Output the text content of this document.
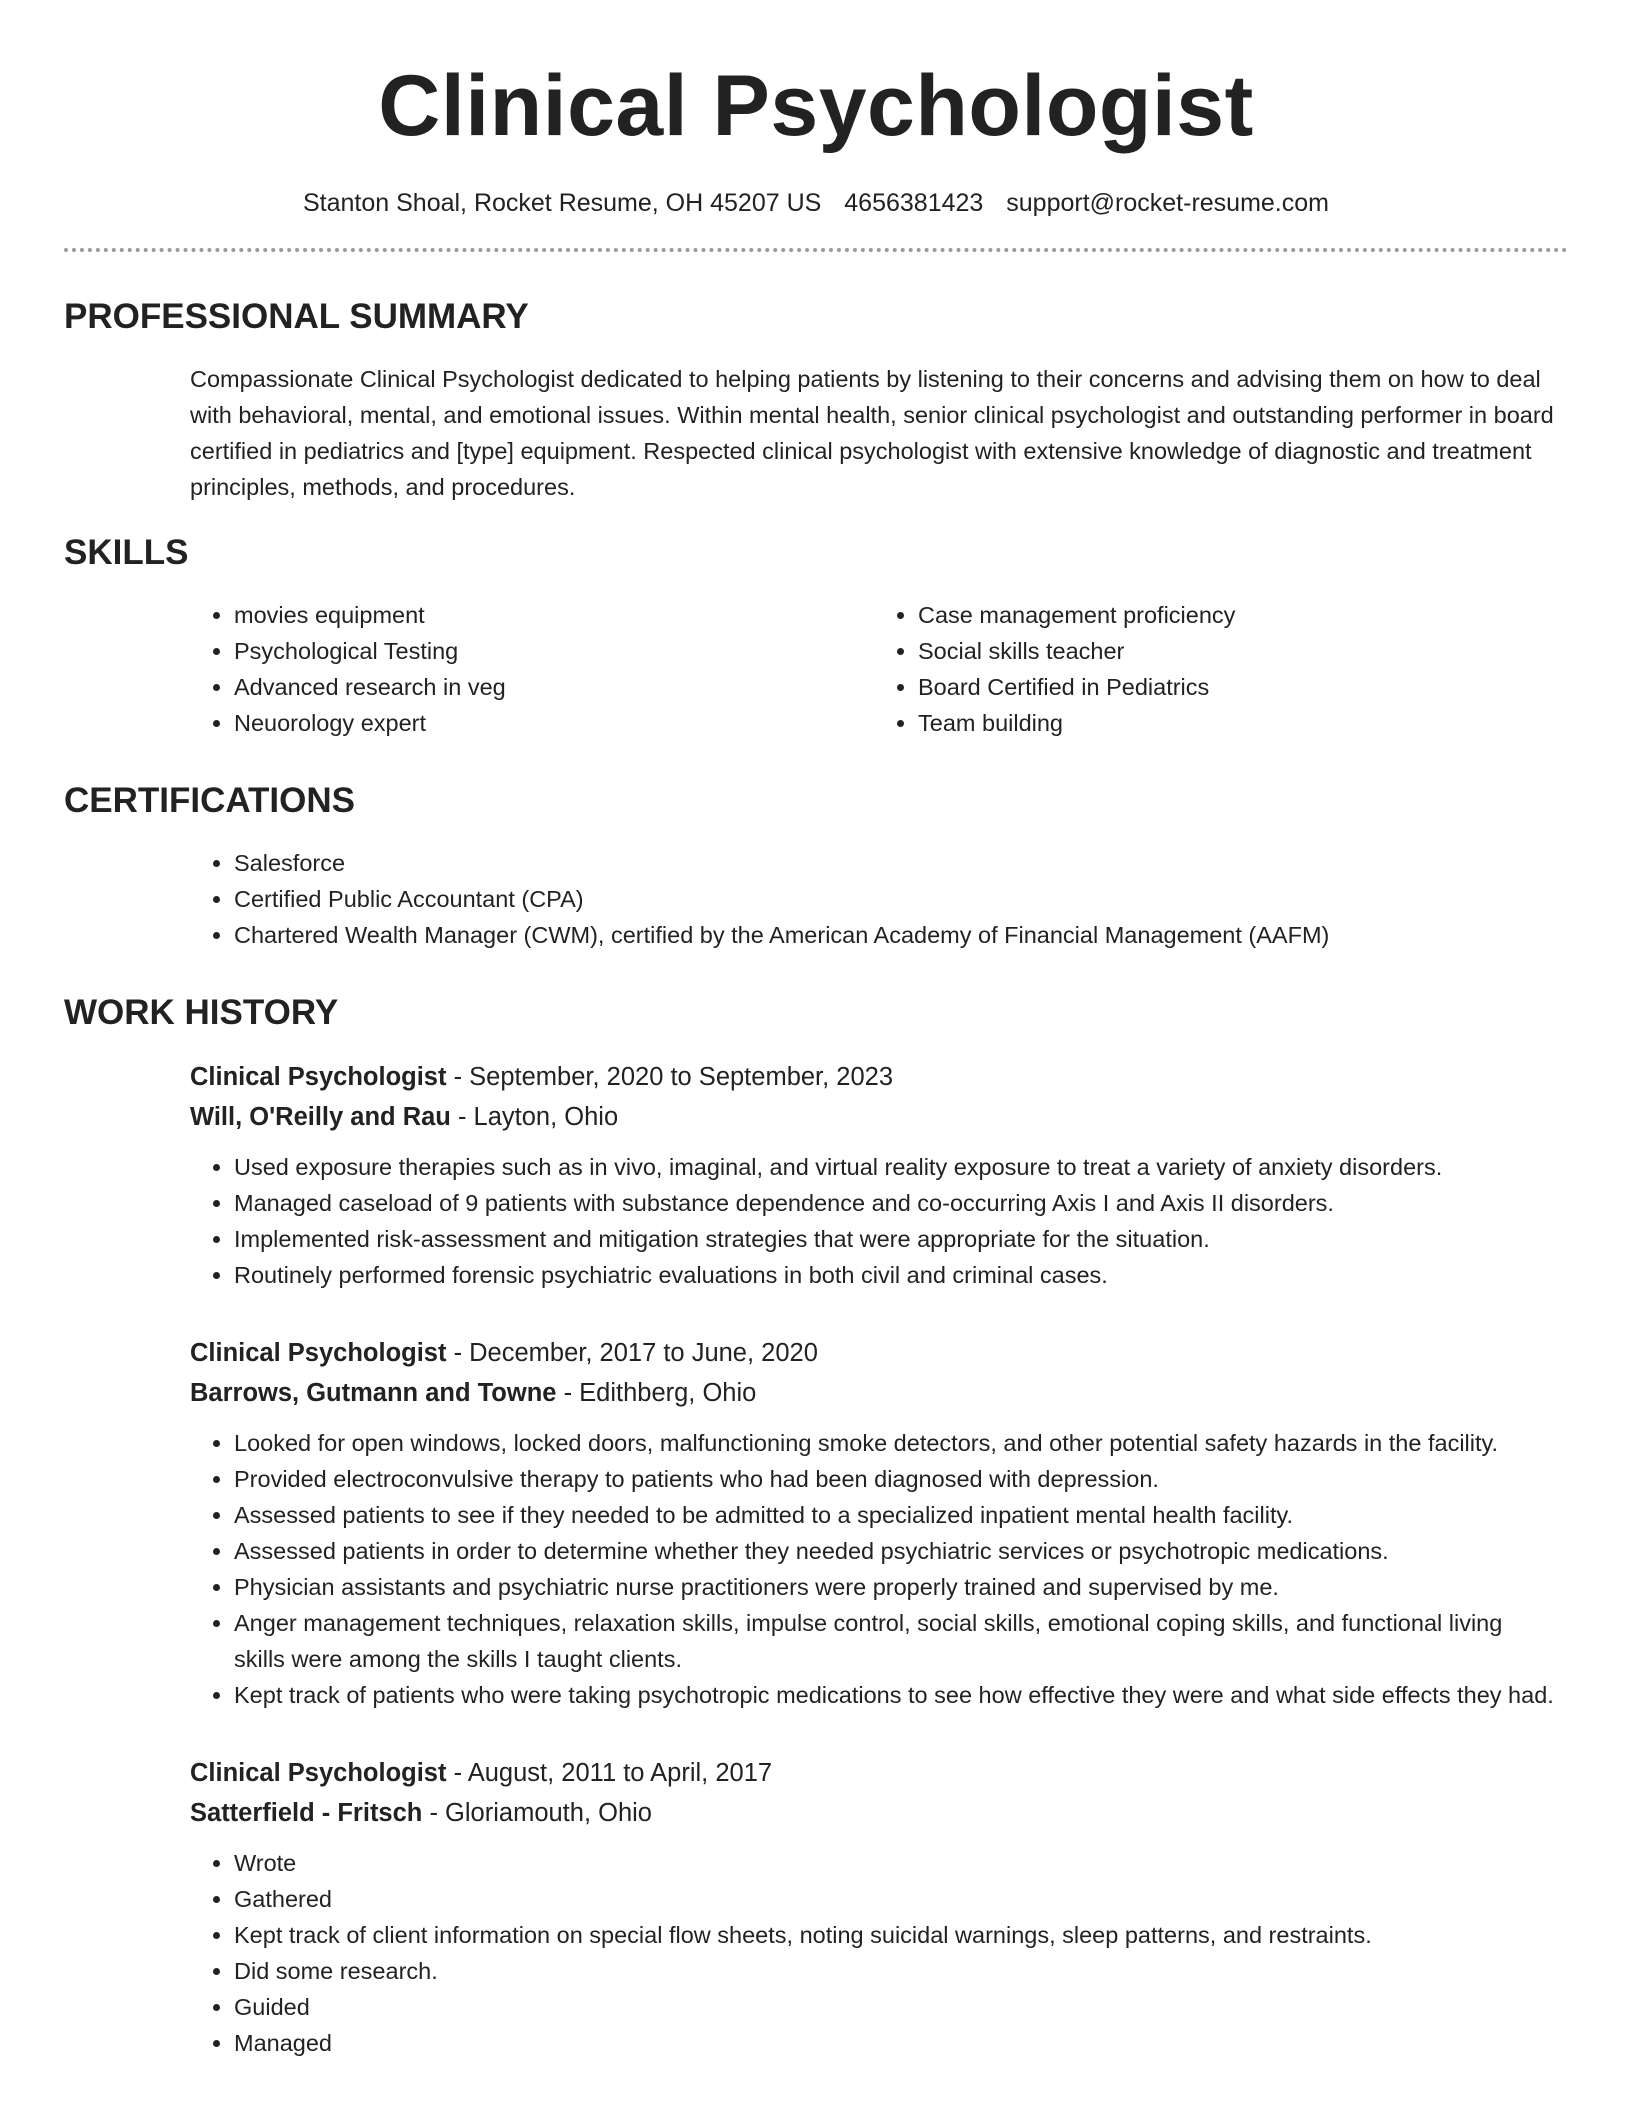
Clinical Psychologist
Stanton Shoal, Rocket Resume, OH 45207 US 4656381423 support@rocket-resume.com
PROFESSIONAL SUMMARY
Compassionate Clinical Psychologist dedicated to helping patients by listening to their concerns and advising them on how to deal with behavioral, mental, and emotional issues. Within mental health, senior clinical psychologist and outstanding performer in board certified in pediatrics and [type] equipment. Respected clinical psychologist with extensive knowledge of diagnostic and treatment principles, methods, and procedures.
SKILLS
• movies equipment
• Psychological Testing
• Advanced research in veg
• Neuorology expert
• Case management proficiency
• Social skills teacher
• Board Certified in Pediatrics
• Team building
CERTIFICATIONS
• Salesforce
• Certified Public Accountant (CPA)
• Chartered Wealth Manager (CWM), certified by the American Academy of Financial Management (AAFM)
WORK HISTORY
Clinical Psychologist - September, 2020 to September, 2023
Will, O'Reilly and Rau - Layton, Ohio
• Used exposure therapies such as in vivo, imaginal, and virtual reality exposure to treat a variety of anxiety disorders.
• Managed caseload of 9 patients with substance dependence and co-occurring Axis I and Axis II disorders.
• Implemented risk-assessment and mitigation strategies that were appropriate for the situation.
• Routinely performed forensic psychiatric evaluations in both civil and criminal cases.
Clinical Psychologist - December, 2017 to June, 2020
Barrows, Gutmann and Towne - Edithberg, Ohio
• Looked for open windows, locked doors, malfunctioning smoke detectors, and other potential safety hazards in the facility.
• Provided electroconvulsive therapy to patients who had been diagnosed with depression.
• Assessed patients to see if they needed to be admitted to a specialized inpatient mental health facility.
• Assessed patients in order to determine whether they needed psychiatric services or psychotropic medications.
• Physician assistants and psychiatric nurse practitioners were properly trained and supervised by me.
• Anger management techniques, relaxation skills, impulse control, social skills, emotional coping skills, and functional living skills were among the skills I taught clients.
• Kept track of patients who were taking psychotropic medications to see how effective they were and what side effects they had.
Clinical Psychologist - August, 2011 to April, 2017
Satterfield - Fritsch - Gloriamouth, Ohio
• Wrote
• Gathered
• Kept track of client information on special flow sheets, noting suicidal warnings, sleep patterns, and restraints.
• Did some research.
• Guided
• Managed
